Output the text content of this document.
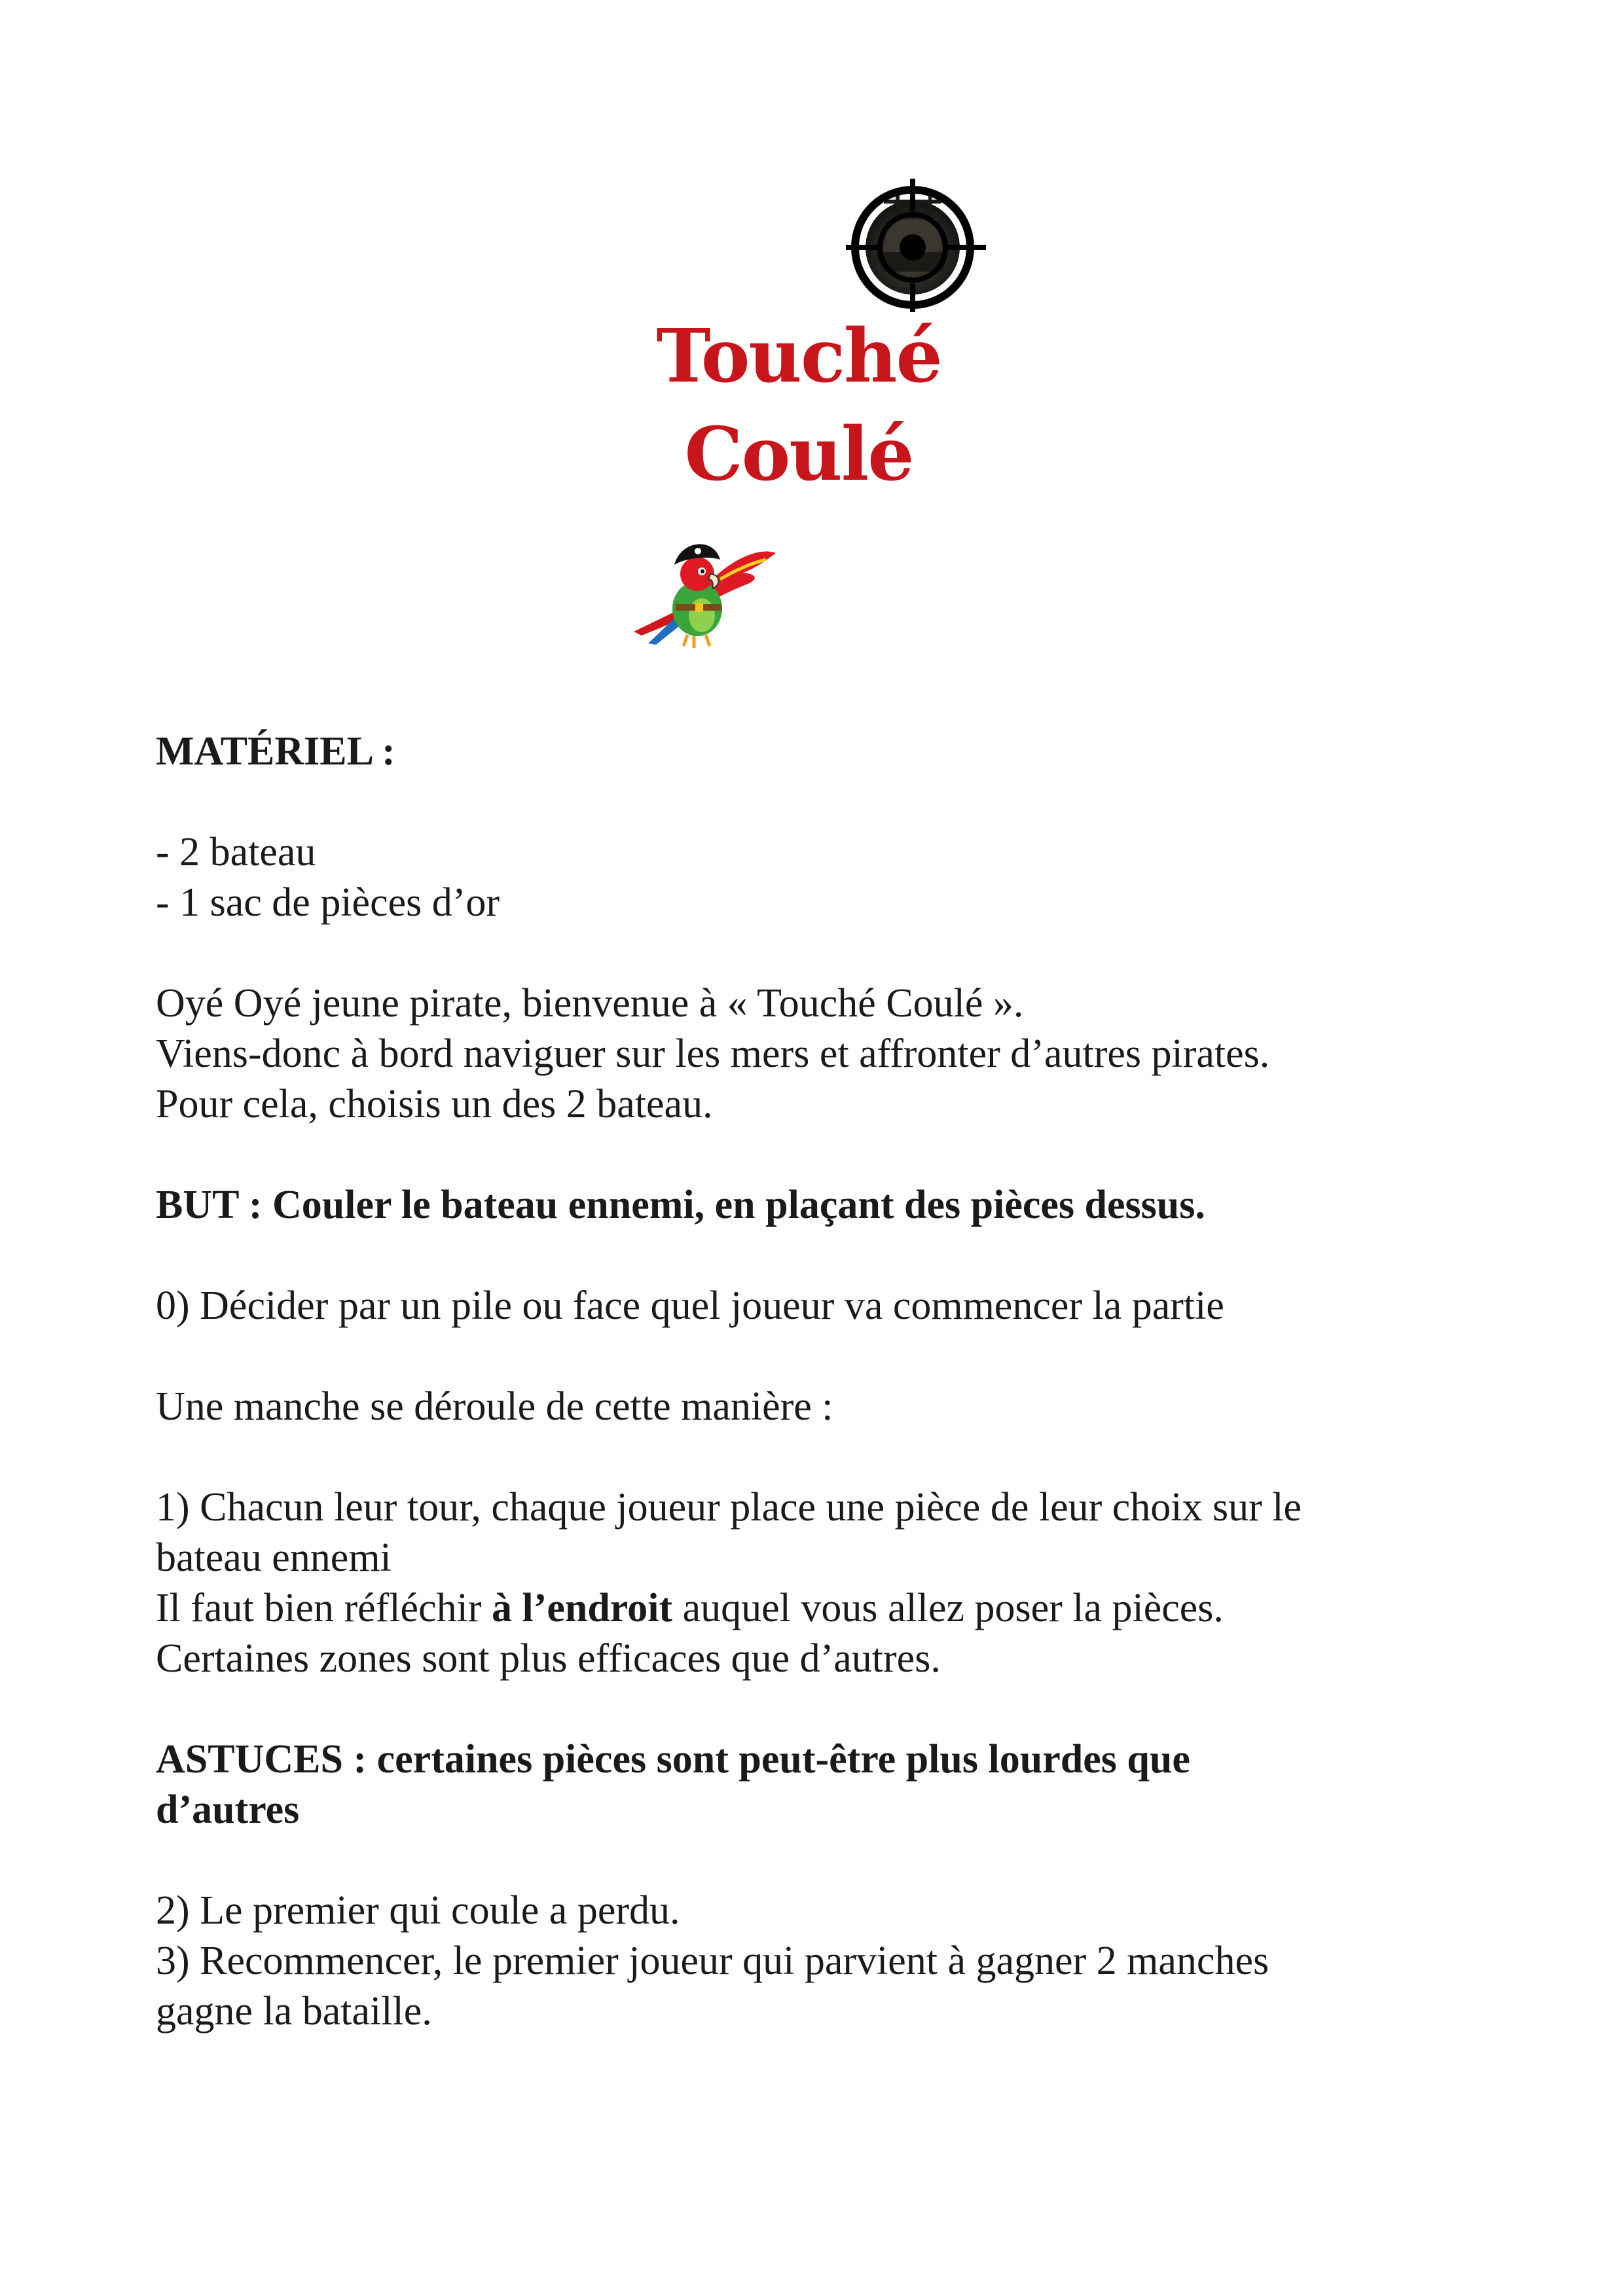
Touché
Coulé

MATÉRIEL :

- 2 bateau

- 1 sac de pièces d’or

Oyé Oyé jeune pirate, bienvenue à « Touché Coulé ».

Viens-donc à bord naviguer sur les mers et affronter d’autres pirates.

Pour cela, choisis un des 2 bateau.

BUT : Couler le bateau ennemi, en plaçant des pièces dessus.

0) Décider par un pile ou face quel joueur va commencer la partie

Une manche se déroule de cette manière :

1) Chacun leur tour, chaque joueur place une pièce de leur choix sur le

bateau ennemi

Il faut bien réfléchir à l’endroit auquel vous allez poser la pièces.

Certaines zones sont plus efficaces que d’autres.

ASTUCES : certaines pièces sont peut-être plus lourdes que

d’autres

2) Le premier qui coule a perdu.

3) Recommencer, le premier joueur qui parvient à gagner 2 manches

gagne la bataille.
